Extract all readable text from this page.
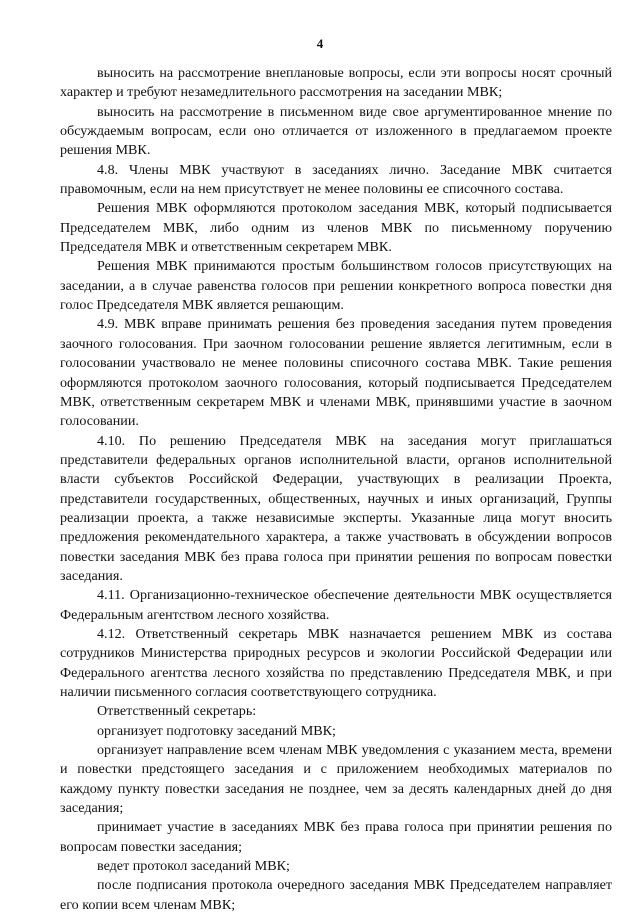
4

выносить на рассмотрение внеплановые вопросы, если эти вопросы носят срочный характер и требуют незамедлительного рассмотрения на заседании МВК;

выносить на рассмотрение в письменном виде свое аргументированное мнение по обсуждаемым вопросам, если оно отличается от изложенного в предлагаемом проекте решения МВК.

4.8. Члены МВК участвуют в заседаниях лично. Заседание МВК считается правомочным, если на нем присутствует не менее половины ее списочного состава.

Решения МВК оформляются протоколом заседания МВК, который подписывается Председателем МВК, либо одним из членов МВК по письменному поручению Председателя МВК и ответственным секретарем МВК.

Решения МВК принимаются простым большинством голосов присутствующих на заседании, а в случае равенства голосов при решении конкретного вопроса повестки дня голос Председателя МВК является решающим.

4.9. МВК вправе принимать решения без проведения заседания путем проведения заочного голосования. При заочном голосовании решение является легитимным, если в голосовании участвовало не менее половины списочного состава МВК. Такие решения оформляются протоколом заочного голосования, который подписывается Председателем МВК, ответственным секретарем МВК и членами МВК, принявшими участие в заочном голосовании.

4.10. По решению Председателя МВК на заседания могут приглашаться представители федеральных органов исполнительной власти, органов исполнительной власти субъектов Российской Федерации, участвующих в реализации Проекта, представители государственных, общественных, научных и иных организаций, Группы реализации проекта, а также независимые эксперты. Указанные лица могут вносить предложения рекомендательного характера, а также участвовать в обсуждении вопросов повестки заседания МВК без права голоса при принятии решения по вопросам повестки заседания.

4.11. Организационно-техническое обеспечение деятельности МВК осуществляется Федеральным агентством лесного хозяйства.

4.12. Ответственный секретарь МВК назначается решением МВК из состава сотрудников Министерства природных ресурсов и экологии Российской Федерации или Федерального агентства лесного хозяйства по представлению Председателя МВК, и при наличии письменного согласия соответствующего сотрудника.

Ответственный секретарь:

организует подготовку заседаний МВК;

организует направление всем членам МВК уведомления с указанием места, времени и повестки предстоящего заседания и с приложением необходимых материалов по каждому пункту повестки заседания не позднее, чем за десять календарных дней до дня заседания;

принимает участие в заседаниях МВК без права голоса при принятии решения по вопросам повестки заседания;

ведет протокол заседаний МВК;

после подписания протокола очередного заседания МВК Председателем направляет его копии всем членам МВК;
